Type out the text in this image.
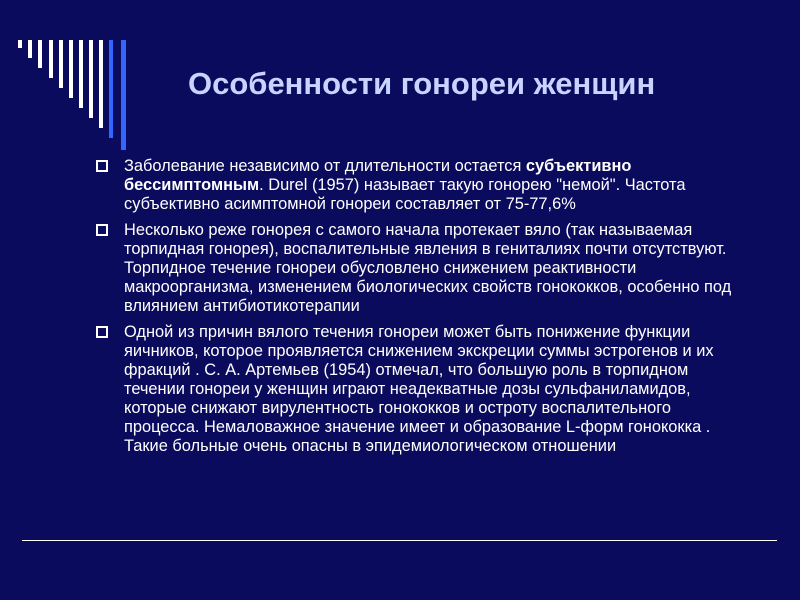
Особенности гонореи женщин
Заболевание независимо от длительности остается субъективно бессимптомным. Durel (1957) называет такую гонорею "немой". Частота субъективно асимптомной гонореи составляет от 75-77,6%
Несколько реже гонорея с самого начала протекает вяло (так называемая торпидная гонорея), воспалительные явления в гениталиях почти отсутствуют. Торпидное течение гонореи обусловлено снижением реактивности макроорганизма, изменением биологических свойств гонококков, особенно под влиянием антибиотикотерапии
Одной из причин вялого течения гонореи может быть понижение функции яичников, которое проявляется снижением экскреции суммы эстрогенов и их фракций . С. А. Артемьев (1954) отмечал, что большую роль в торпидном течении гонореи у женщин играют неадекватные дозы сульфаниламидов, которые снижают вирулентность гонококков и остроту воспалительного процесса. Немаловажное значение имеет и образование L-форм гонококка . Такие больные очень опасны в эпидемиологическом отношении
